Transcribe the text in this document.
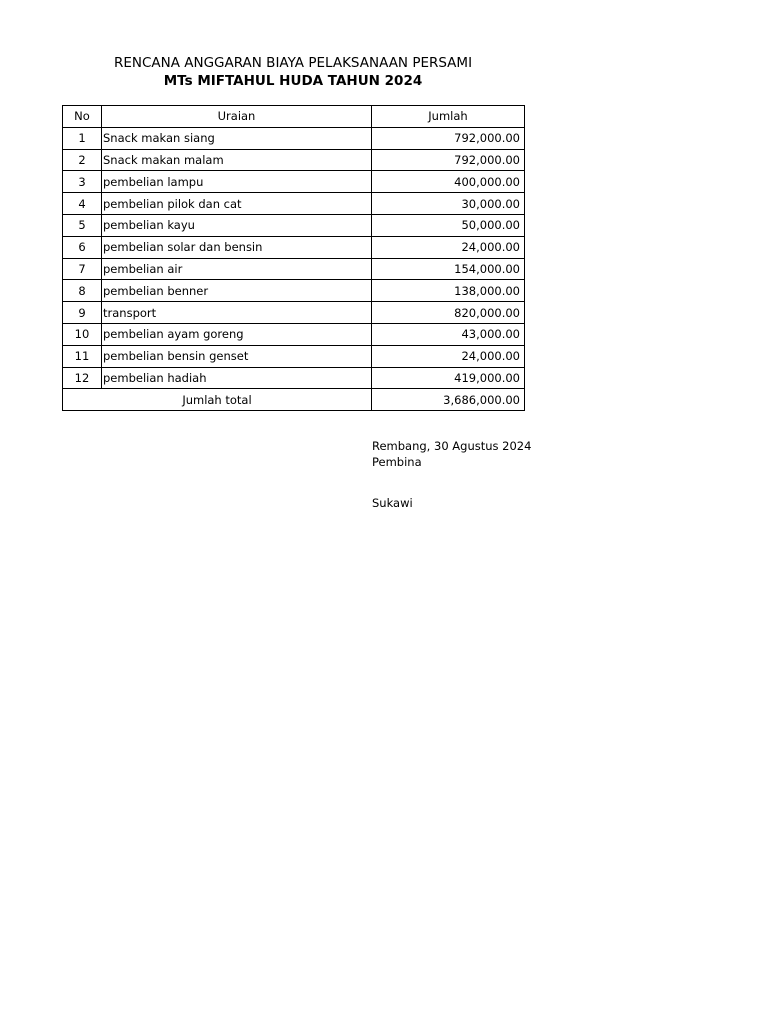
RENCANA ANGGARAN BIAYA PELAKSANAAN PERSAMI
MTs MIFTAHUL HUDA TAHUN 2024
No	Uraian	Jumlah
1	Snack makan siang	792,000.00
2	Snack makan malam	792,000.00
3	pembelian lampu	400,000.00
4	pembelian pilok dan cat	30,000.00
5	pembelian kayu	50,000.00
6	pembelian solar dan bensin	24,000.00
7	pembelian air	154,000.00
8	pembelian benner	138,000.00
9	transport	820,000.00
10	pembelian ayam goreng	43,000.00
11	pembelian bensin genset	24,000.00
12	pembelian hadiah	419,000.00
Jumlah total		3,686,000.00
Rembang, 30 Agustus 2024
Pembina
Sukawi
